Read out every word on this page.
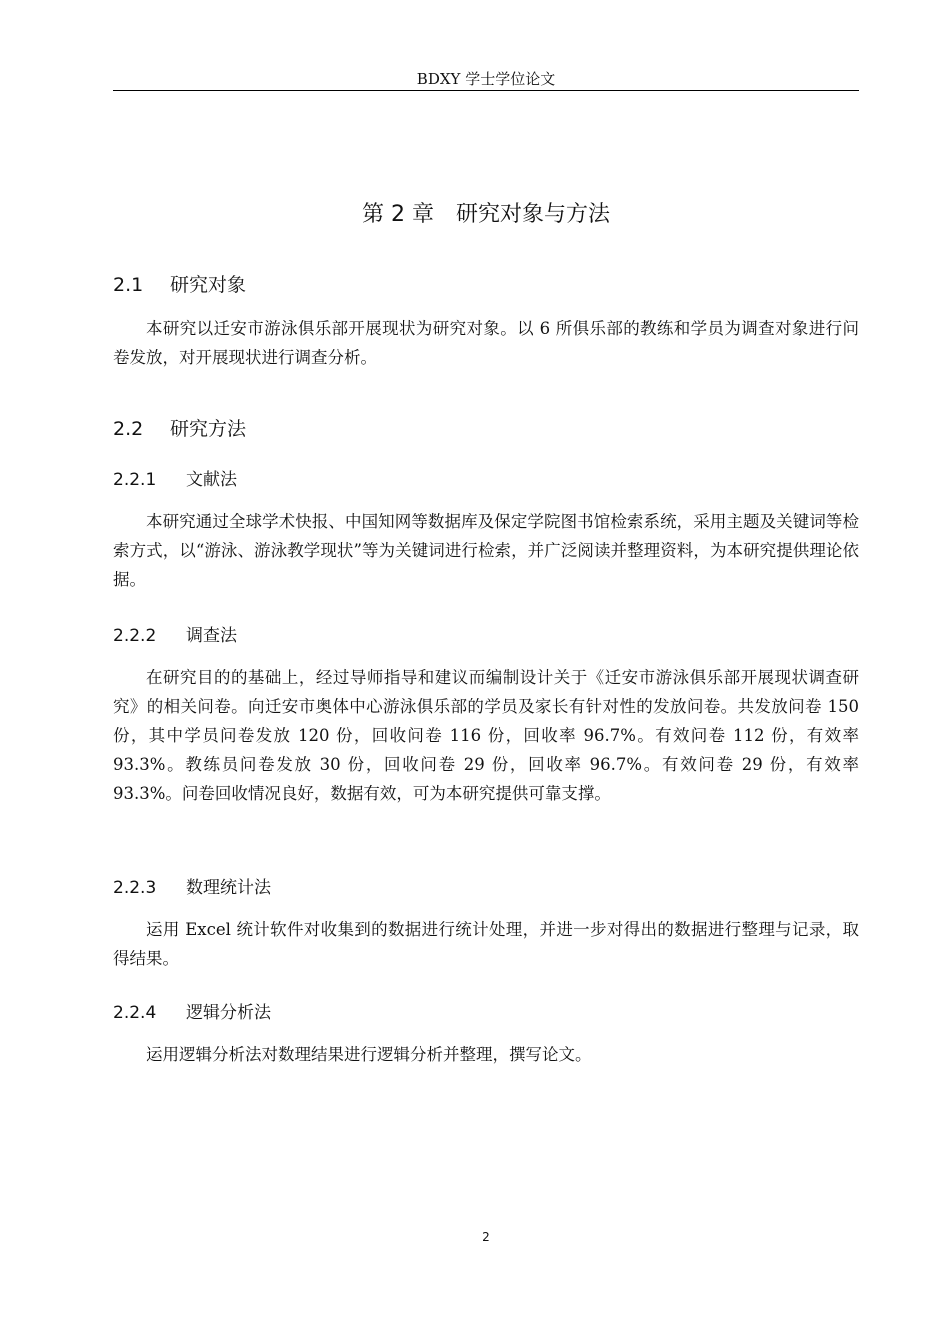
BDXY 学士学位论文
第 2 章 研究对象与方法
2.1 研究对象

本研究以迁安市游泳俱乐部开展现状为研究对象。以 6 所俱乐部的教练和学员为调查对象进行问卷发放，对开展现状进行调查分析。

2.2 研究方法
2.2.1 文献法

本研究通过全球学术快报、中国知网等数据库及保定学院图书馆检索系统，采用主题及关键词等检索方式，以“游泳、游泳教学现状”等为关键词进行检索，并广泛阅读并整理资料，为本研究提供理论依据。

2.2.2 调查法

在研究目的的基础上，经过导师指导和建议而编制设计关于《迁安市游泳俱乐部开展现状调查研究》的相关问卷。向迁安市奥体中心游泳俱乐部的学员及家长有针对性的发放问卷。共发放问卷 150 份，其中学员问卷发放 120 份，回收问卷 116 份，回收率 96.7%。有效问卷 112 份，有效率 93.3%。教练员问卷发放 30 份，回收问卷 29 份，回收率 96.7%。有效问卷 29 份，有效率 93.3%。问卷回收情况良好，数据有效，可为本研究提供可靠支撑。

2.2.3 数理统计法

运用 Excel 统计软件对收集到的数据进行统计处理，并进一步对得出的数据进行整理与记录，取得结果。

2.2.4 逻辑分析法

运用逻辑分析法对数理结果进行逻辑分析并整理，撰写论文。

2
